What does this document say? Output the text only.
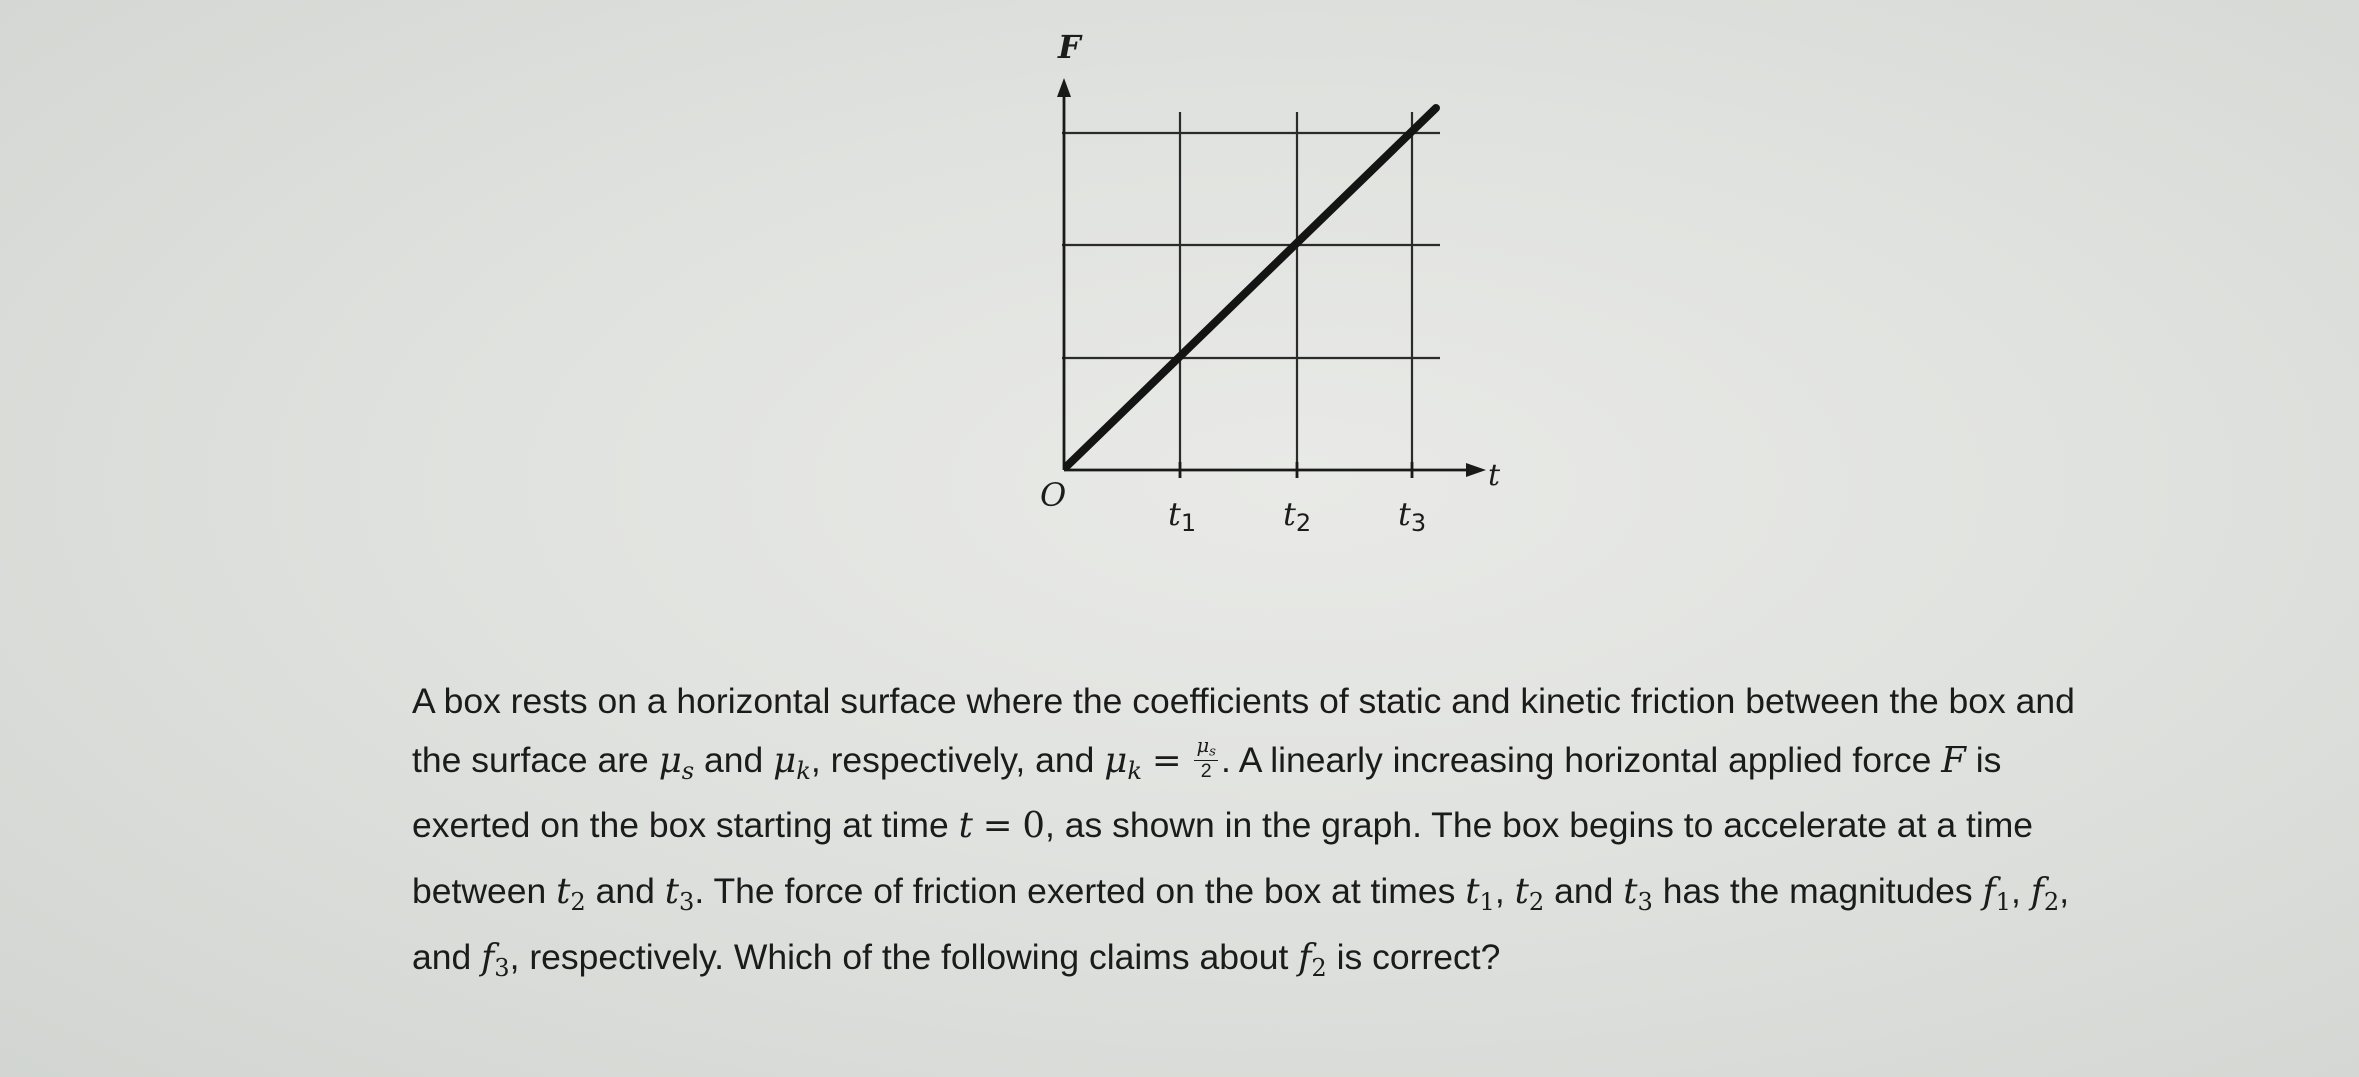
F
t
O	t1	t2	t3
A box rests on a horizontal surface where the coefficients of static and kinetic friction between the box and
the surface are $\mu_s$ and $\mu_k$, respectively, and $\mu_k = \frac{\mu_s}{2}$ . A linearly increasing horizontal applied force F is
exerted on the box starting at time t = 0, as shown in the graph. The box begins to accelerate at a time
between $t_2$ and $t_3$. The force of friction exerted on the box at times $t_1$, $t_2$ and $t_3$ has the magnitudes $f_1$, $f_2$,
and $f_3$, respectively. Which of the following claims about $f_2$ is correct?
